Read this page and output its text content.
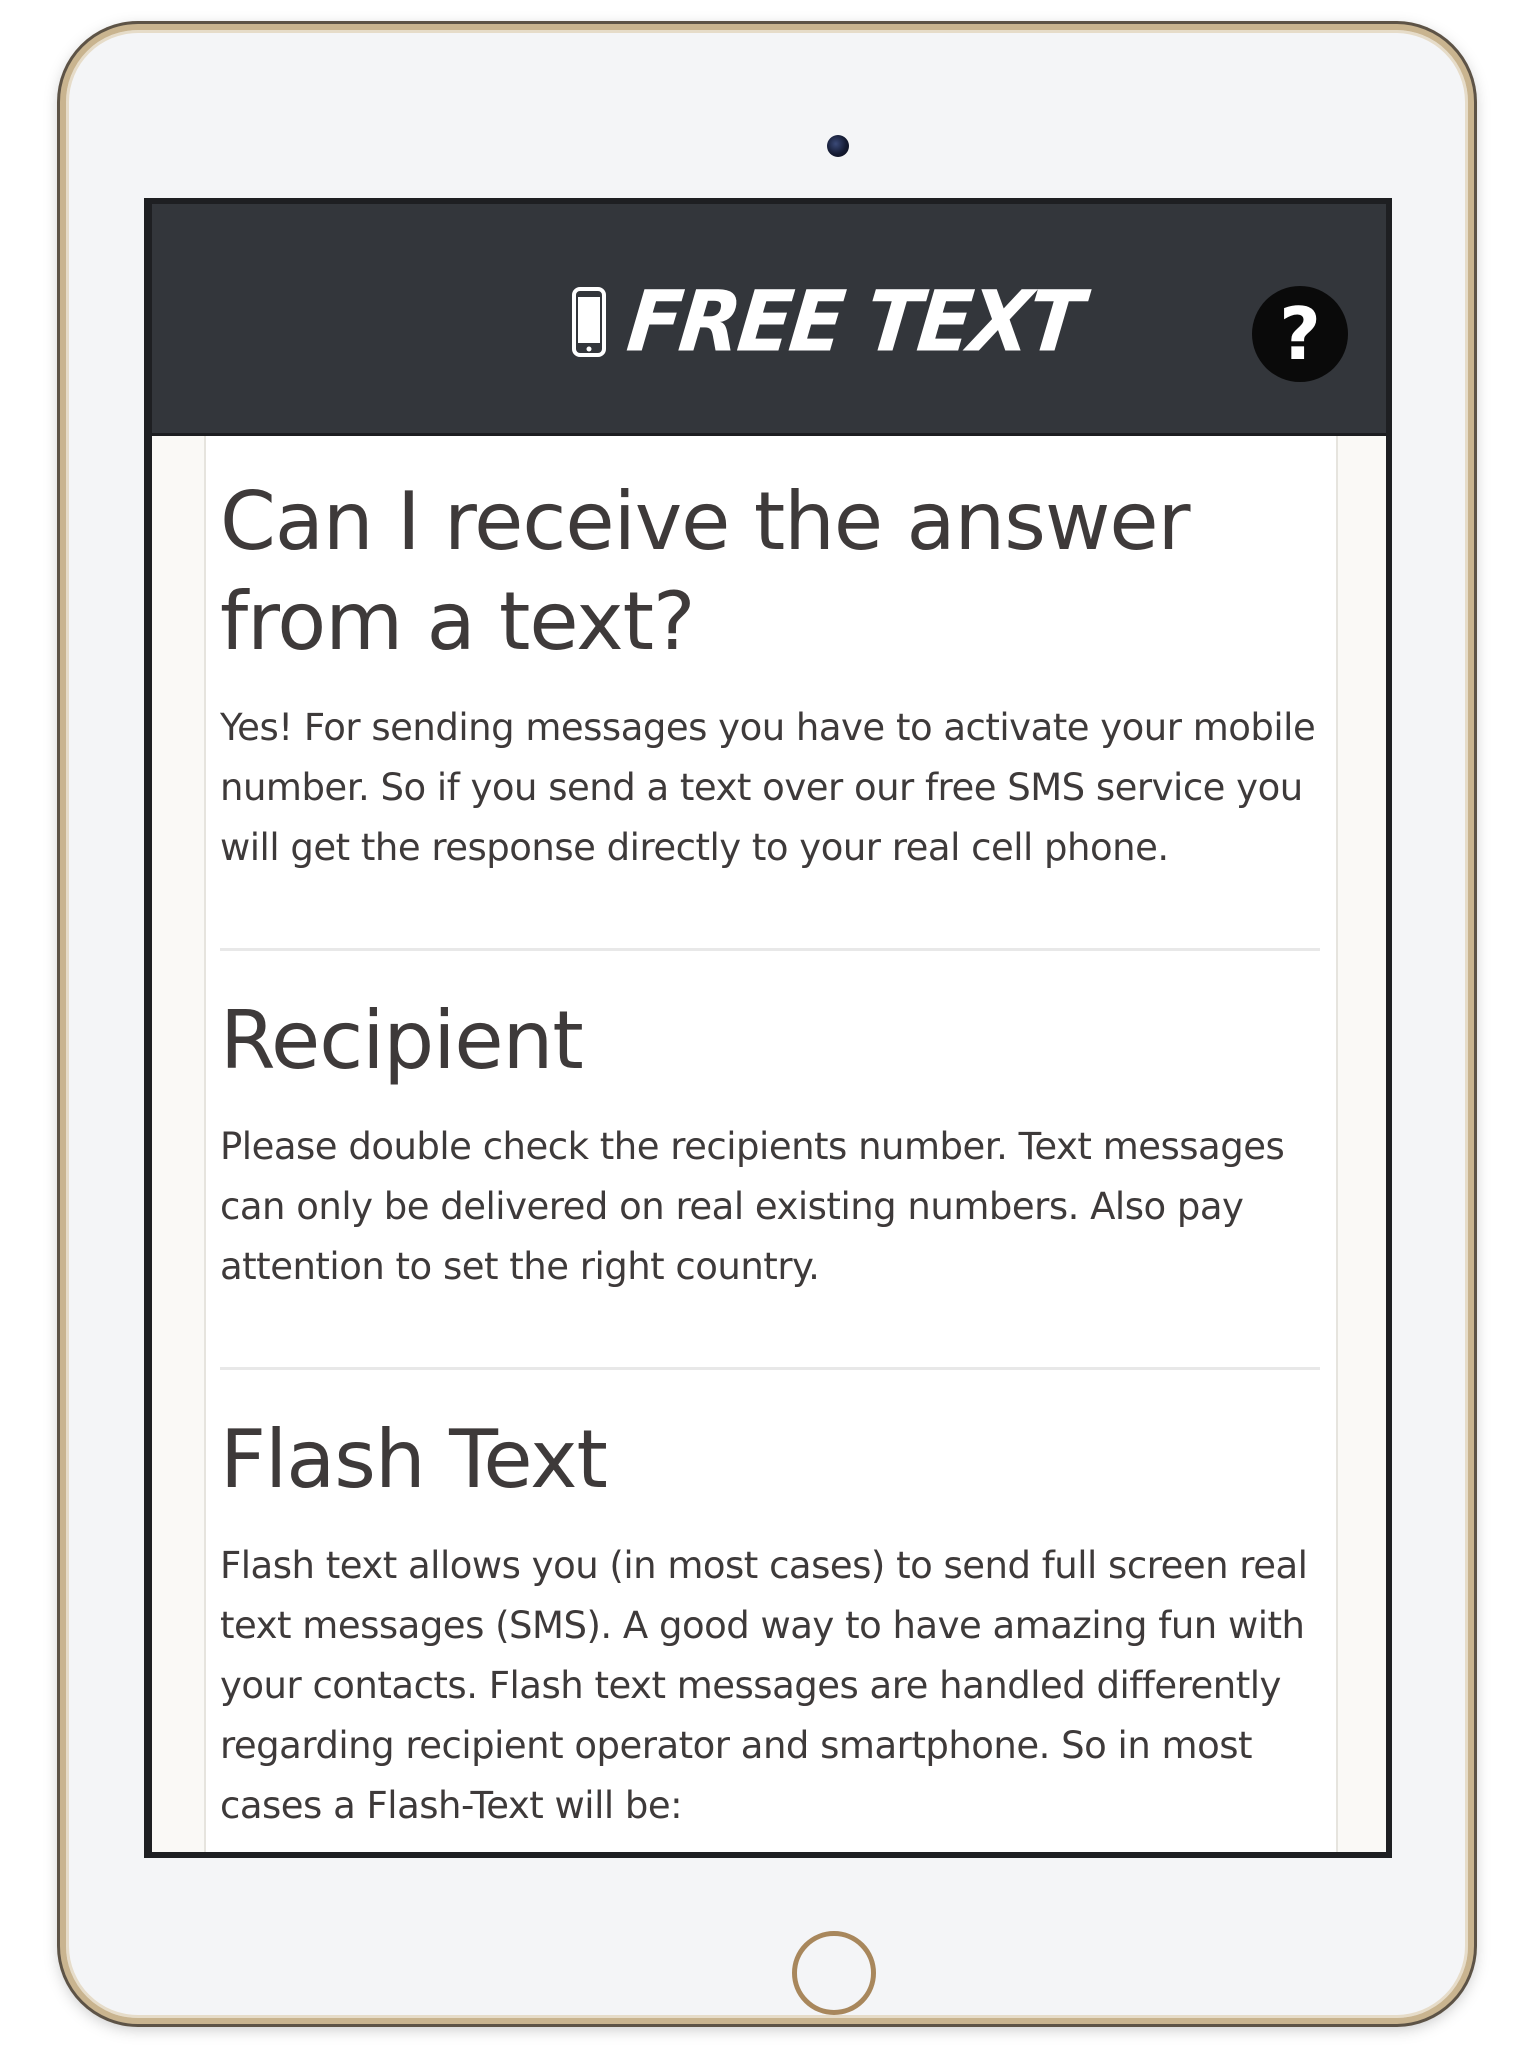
FREE TEXT	?
Can I receive the answer from a text?

Yes! For sending messages you have to activate your mobile number. So if you send a text over our free SMS service you will get the response directly to your real cell phone.

Recipient

Please double check the recipients number. Text messages can only be delivered on real existing numbers. Also pay attention to set the right country.

Flash Text

Flash text allows you (in most cases) to send full screen real text messages (SMS). A good way to have amazing fun with your contacts. Flash text messages are handled differently regarding recipient operator and smartphone. So in most cases a Flash-Text will be:
